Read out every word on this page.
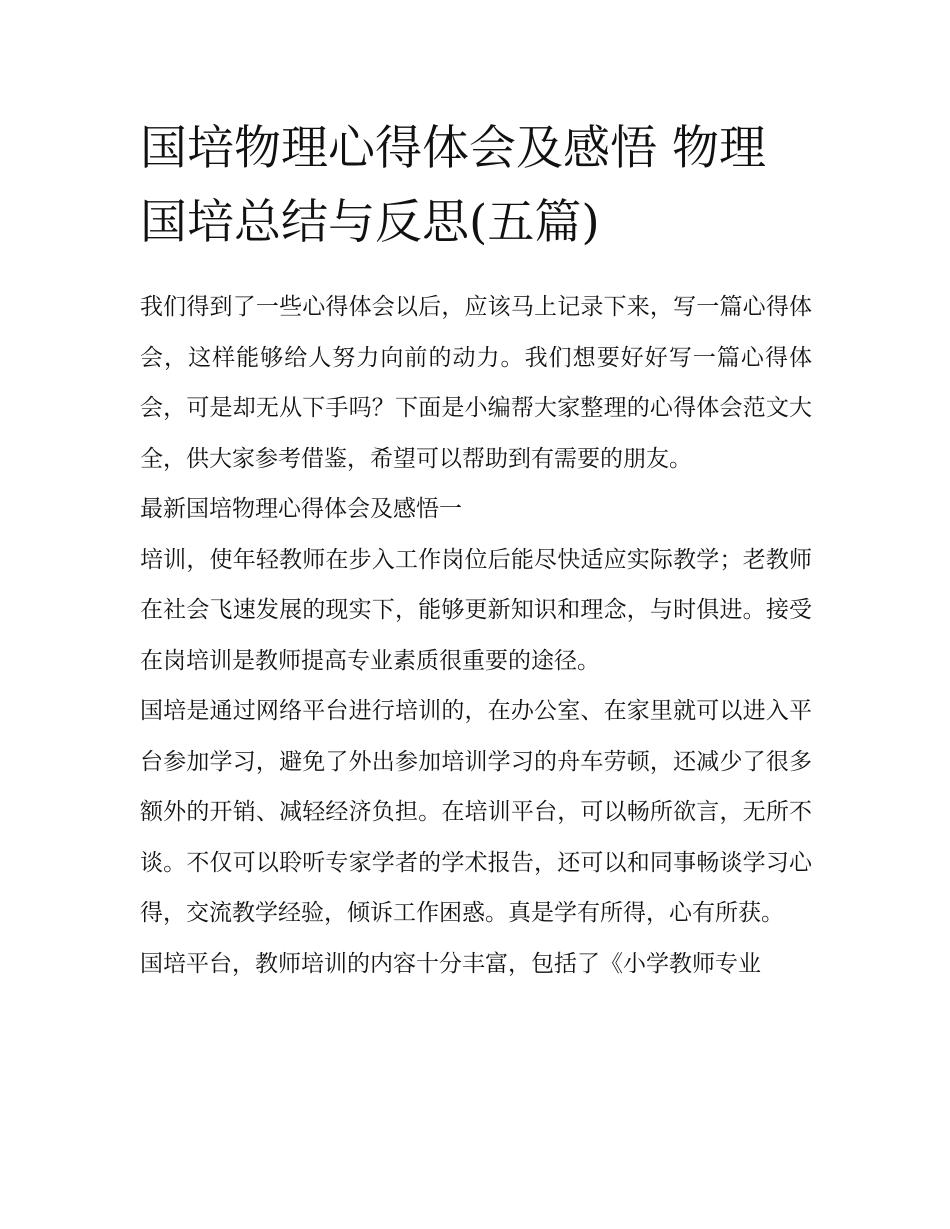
国培物理心得体会及感悟 物理国培总结与反思(五篇)

我们得到了一些心得体会以后，应该马上记录下来，写一篇心得体会，这样能够给人努力向前的动力。我们想要好好写一篇心得体会，可是却无从下手吗？下面是小编帮大家整理的心得体会范文大全，供大家参考借鉴，希望可以帮助到有需要的朋友。

最新国培物理心得体会及感悟一

培训，使年轻教师在步入工作岗位后能尽快适应实际教学；老教师在社会飞速发展的现实下，能够更新知识和理念，与时俱进。接受在岗培训是教师提高专业素质很重要的途径。

国培是通过网络平台进行培训的，在办公室、在家里就可以进入平台参加学习，避免了外出参加培训学习的舟车劳顿，还减少了很多额外的开销、减轻经济负担。在培训平台，可以畅所欲言，无所不谈。不仅可以聆听专家学者的学术报告，还可以和同事畅谈学习心得，交流教学经验，倾诉工作困惑。真是学有所得，心有所获。

国培平台，教师培训的内容十分丰富，包括了《小学教师专业
